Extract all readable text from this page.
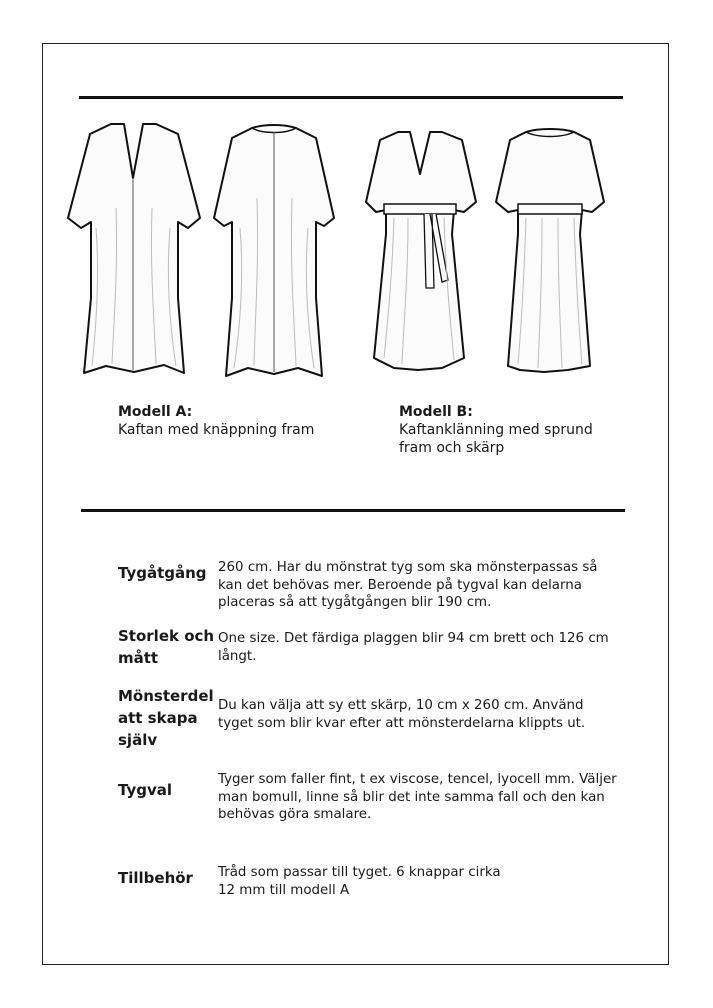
Modell A:
Kaftan med knäppning fram
Modell B:
Kaftanklänning med sprund fram och skärp
Tygåtgång 260 cm. Har du mönstrat tyg som ska mönsterpassas så kan det behövas mer. Beroende på tygval kan delarna placeras så att tygåtgången blir 190 cm.
Storlek och mått
One size. Det färdiga plaggen blir 94 cm brett och 126 cm långt.
Mönsterdel att skapa själv
Du kan välja att sy ett skärp, 10 cm x 260 cm. Använd tyget som blir kvar efter att mönsterdelarna klippts ut.
Tygval
Tyger som faller fint, t ex viscose, tencel, lyocell mm. Väljer man bomull, linne så blir det inte samma fall och den kan behövas göra smalare.
Tillbehör	Tråd som passar till tyget. 6 knappar cirka 12 mm till modell A
